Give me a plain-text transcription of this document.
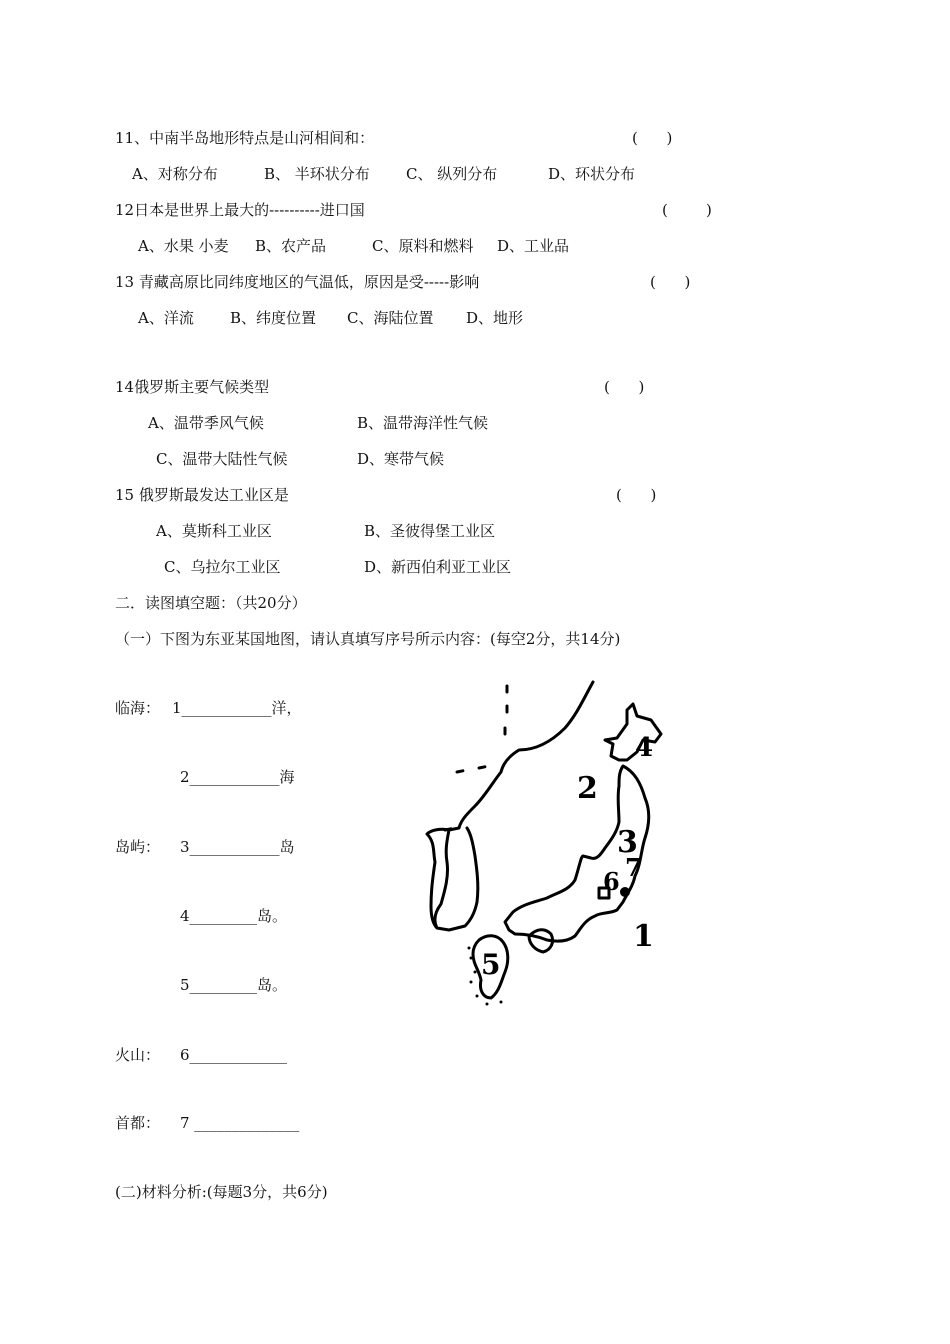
11、中南半岛地形特点是山河相间和：	(      )
A、对称分布	B、 半环状分布 C、 纵列分布	D、环状分布
12日本是世界上最大的----------进口国	(        )
A、水果 小麦 B、农产品	C、原料和燃料 D、工业品
13 青藏高原比同纬度地区的气温低，原因是受-----影响	(      )
A、洋流 B、纬度位置 C、海陆位置 D、地形
14俄罗斯主要气候类型	(      )
A、温带季风气候	B、温带海洋性气候
C、温带大陆性气候	D、寒带气候
15 俄罗斯最发达工业区是	(      )
A、莫斯科工业区	B、圣彼得堡工业区
C、乌拉尔工业区	D、新西伯利亚工业区
二．读图填空题：（共20分）
（一）下图为东亚某国地图，请认真填写序号所示内容：(每空2分，共14分)
临海： 1____________洋，
2____________海
岛屿： 3____________岛
4_________岛。
5_________岛。
火山： 6_____________
首都： 7 ______________
(二)材料分析:(每题3分，共6分)
1
2
3
4
5
6 7
